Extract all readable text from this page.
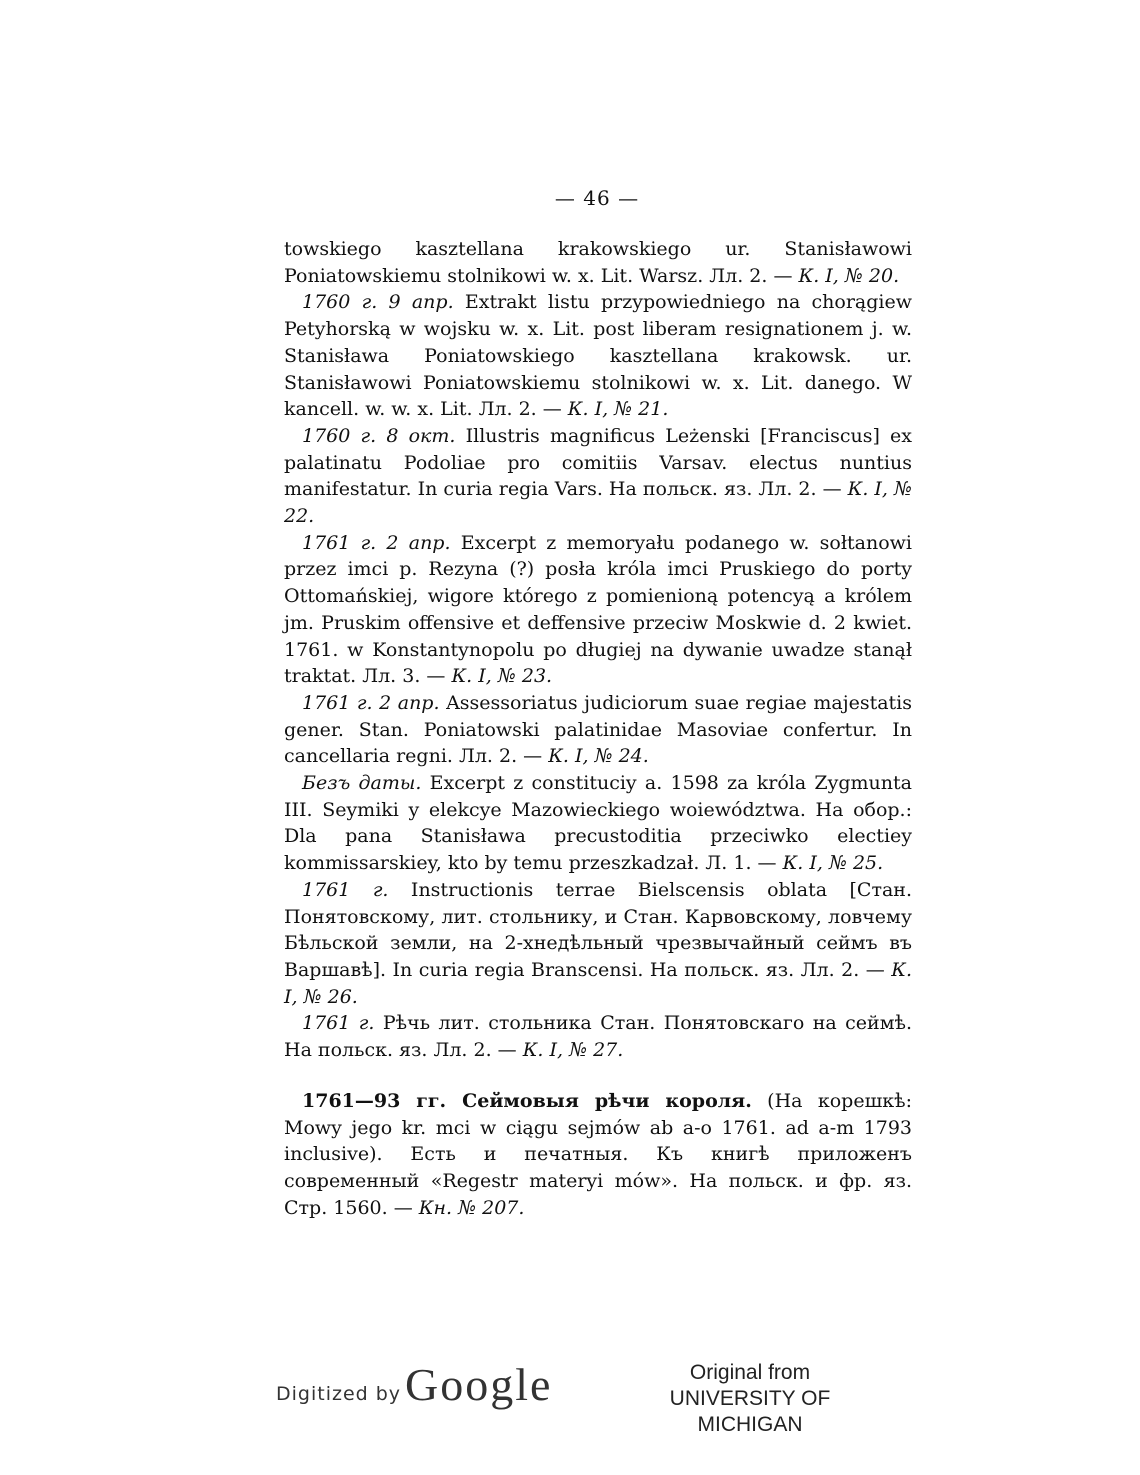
— 46 —

towskiego kasztellana krakowskiego ur. Stanisławowi Poniatowskiemu stolnikowi w. x. Lit. Warsz. Лл. 2. — К. I, № 20.

1760 г. 9 апр. Extrakt listu przypowiedniego na chorągiew Petyhorską w wojsku w. x. Lit. post liberam resignationem j. w. Stanisława Poniatowskiego kasztellana krakowsk. ur. Stanisławowi Poniatowskiemu stolnikowi w. x. Lit. danego. W kancell. w. w. x. Lit. Лл. 2. — К. I, № 21.

1760 г. 8 окт. Illustris magnificus Leżenski [Franciscus] ex palatinatu Podoliae pro comitiis Varsav. electus nuntius manifestatur. In curia regia Vars. На польск. яз. Лл. 2. — К. I, № 22.

1761 г. 2 апр. Excerpt z memoryału podanego w. sołtanowi przez imci p. Rezyna (?) posła króla imci Pruskiego do porty Ottomańskiej, wigore którego z pomienioną potencyą a królem jm. Pruskim offensive et deffensive przeciw Moskwie d. 2 kwiet. 1761. w Konstantynopolu po długiej na dywanie uwadze stanął traktat. Лл. 3. — К. I, № 23.

1761 г. 2 апр. Assessoriatus judiciorum suae regiae majestatis gener. Stan. Poniatowski palatinidae Masoviae confertur. In cancellaria regni. Лл. 2. — К. I, № 24.

Безъ даты. Excerpt z constituciy a. 1598 za króla Zygmunta III. Seymiki y elekcye Mazowieckiego woiewództwa. На обор.: Dla pana Stanisława precustoditia przeciwko electiey kommissarskiey, kto by temu przeszkadzał. Л. 1. — К. I, № 25.

1761 г. Instructionis terrae Bielscensis oblata [Стан. Понятовскому, лит. стольнику, и Стан. Карвовскому, ловчему Бѣльской земли, на 2-хнедѣльный чрезвычайный сеймъ въ Варшавѣ]. In curia regia Branscensi. На польск. яз. Лл. 2. — К. I, № 26.

1761 г. Рѣчь лит. стольника Стан. Понятовскаго на сеймѣ. На польск. яз. Лл. 2. — К. I, № 27.

1761—93 гг. Сеймовыя рѣчи короля. (На корешкѣ: Mowy jego kr. mci w ciągu sejmów ab a-o 1761. ad a-m 1793 inclusive). Есть и печатныя. Къ книгѣ приложенъ современный «Regestr materyi mów». На польск. и фр. яз. Стр. 1560. — Кн. № 207.

Digitized byGoogle	Original from
UNIVERSITY OF MICHIGAN
